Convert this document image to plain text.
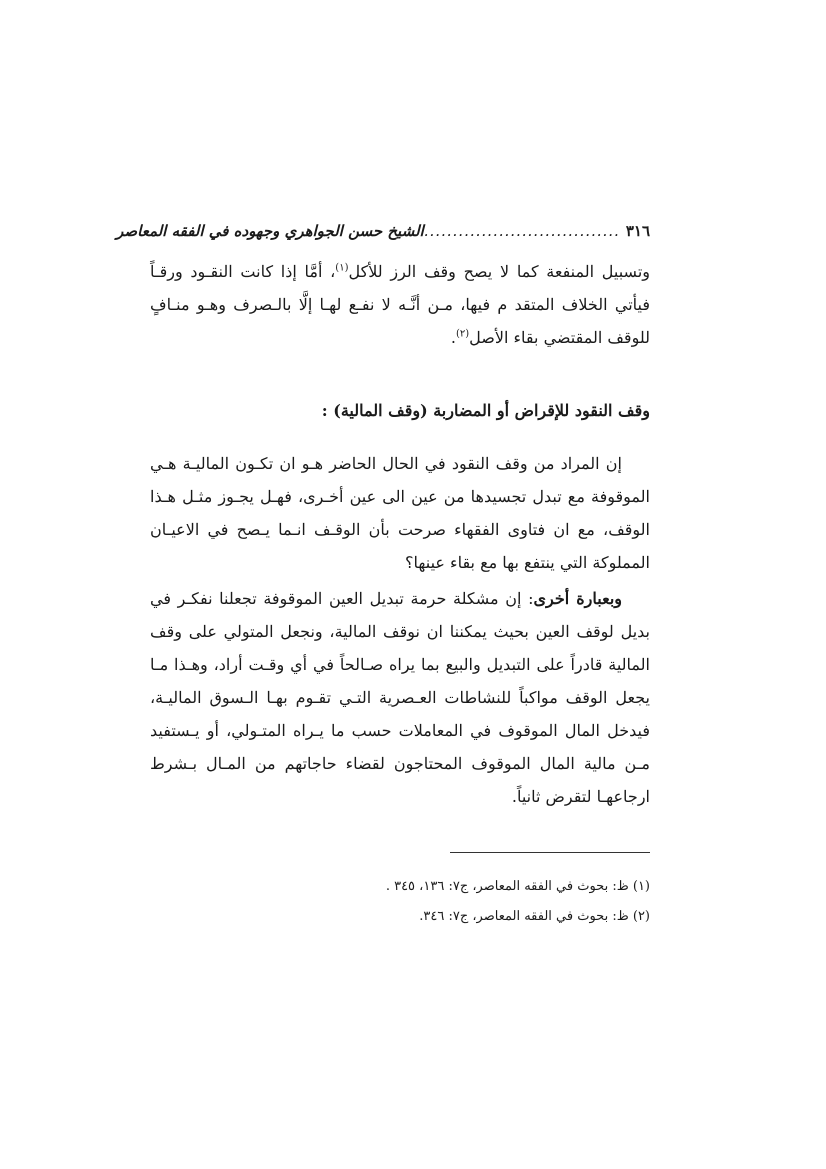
٣١٦
..................................
الشيخ حسن الجواهري وجهوده في الفقه المعاصر

وتسبيل المنفعة كما لا يصح وقف الرز للأكل$^{(١)}$، أمَّا إذا كانت النقـود ورقـاً فيأتي الخلاف المتقد م فيها، مـن أنَّـه لا نفـع لهـا إلَّا بالـصرف وهـو منـافٍ للوقف المقتضي بقاء الأصل$^{(٢)}$.

وقف النقود للإقراض أو المضاربة (وقف المالية) :

إن المراد من وقف النقود في الحال الحاضر هـو ان تكـون الماليـة هـي الموقوفة مع تبدل تجسيدها من عين الى عين أخـرى، فهـل يجـوز مثـل هـذا الوقف، مع ان فتاوى الفقهاء صرحت بأن الوقـف انـما يـصح في الاعيـان المملوكة التي ينتفع بها مع بقاء عينها؟

وبعبارة أخرى: إن مشكلة حرمة تبديل العين الموقوفة تجعلنا نفكـر في بديل لوقف العين بحيث يمكننا ان نوقف المالية، ونجعل المتولي على وقف المالية قادراً على التبديل والبيع بما يراه صـالحاً في أي وقـت أراد، وهـذا مـا يجعل الوقف مواكباً للنشاطات العـصرية التـي تقـوم بهـا الـسوق الماليـة، فيدخل المال الموقوف في المعاملات حسب ما يـراه المتـولي، أو يـستفيد مـن مالية المال الموقوف المحتاجون لقضاء حاجاتهم من المـال بـشرط ارجاعهـا لتقرض ثانياً.

(١) ظ: بحوث في الفقه المعاصر، ج٧: ١٣٦، ٣٤٥ .
(٢) ظ: بحوث في الفقه المعاصر، ج٧: ٣٤٦.
